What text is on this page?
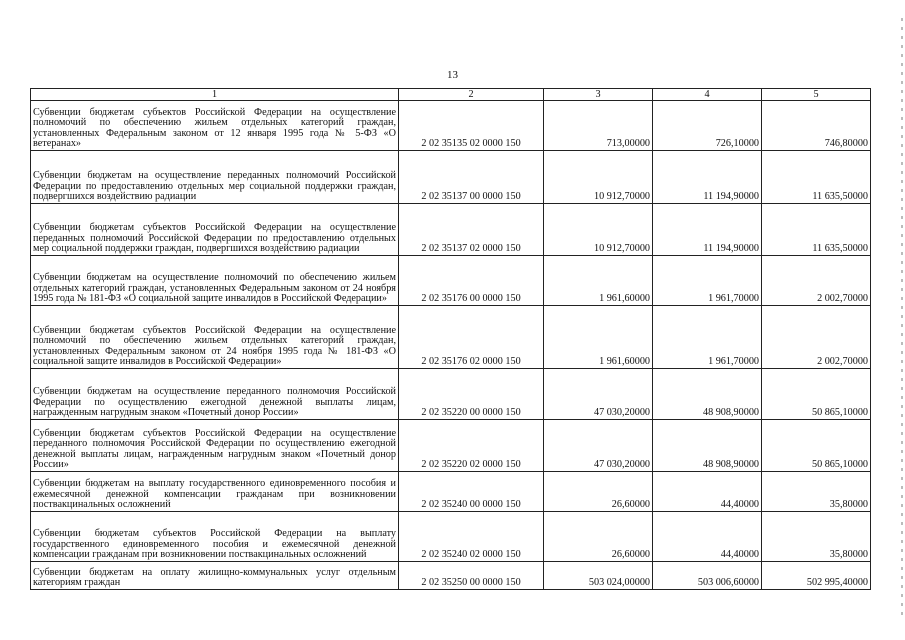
13
1	2	3	4	5
Субвенции бюджетам субъектов Российской Федерации на осуществление полномочий по обеспечению жильем отдельных категорий граждан, установленных Федеральным законом от 12 января 1995 года № 5-ФЗ «О ветеранах»	2 02 35135 02 0000 150	713,00000	726,10000	746,80000
Субвенции бюджетам на осуществление переданных полномочий Российской Федерации по предоставлению отдельных мер социальной поддержки граждан, подвергшихся воздействию радиации	2 02 35137 00 0000 150	10 912,70000	11 194,90000	11 635,50000
Субвенции бюджетам субъектов Российской Федерации на осуществление переданных полномочий Российской Федерации по предоставлению отдельных мер социальной поддержки граждан, подвергшихся воздействию радиации	2 02 35137 02 0000 150	10 912,70000	11 194,90000	11 635,50000
Субвенции бюджетам на осуществление полномочий по обеспечению жильем отдельных категорий граждан, установленных Федеральным законом от 24 ноября 1995 года № 181-ФЗ «О социальной защите инвалидов в Российской Федерации»	2 02 35176 00 0000 150	1 961,60000	1 961,70000	2 002,70000
Субвенции бюджетам субъектов Российской Федерации на осуществление полномочий по обеспечению жильем отдельных категорий граждан, установленных Федеральным законом от 24 ноября 1995 года № 181-ФЗ «О социальной защите инвалидов в Российской Федерации»	2 02 35176 02 0000 150	1 961,60000	1 961,70000	2 002,70000
Субвенции бюджетам на осуществление переданного полномочия Российской Федерации по осуществлению ежегодной денежной выплаты лицам, награжденным нагрудным знаком «Почетный донор России»	2 02 35220 00 0000 150	47 030,20000	48 908,90000	50 865,10000
Субвенции бюджетам субъектов Российской Федерации на осуществление переданного полномочия Российской Федерации по осуществлению ежегодной денежной выплаты лицам, награжденным нагрудным знаком «Почетный донор России»	2 02 35220 02 0000 150	47 030,20000	48 908,90000	50 865,10000
Субвенции бюджетам на выплату государственного единовременного пособия и ежемесячной денежной компенсации гражданам при возникновении поствакцинальных осложнений	2 02 35240 00 0000 150	26,60000	44,40000	35,80000
Субвенции бюджетам субъектов Российской Федерации на выплату государственного единовременного пособия и ежемесячной денежной компенсации гражданам при возникновении поствакцинальных осложнений	2 02 35240 02 0000 150	26,60000	44,40000	35,80000
Субвенции бюджетам на оплату жилищно-коммунальных услуг отдельным категориям граждан	2 02 35250 00 0000 150	503 024,00000	503 006,60000	502 995,40000
